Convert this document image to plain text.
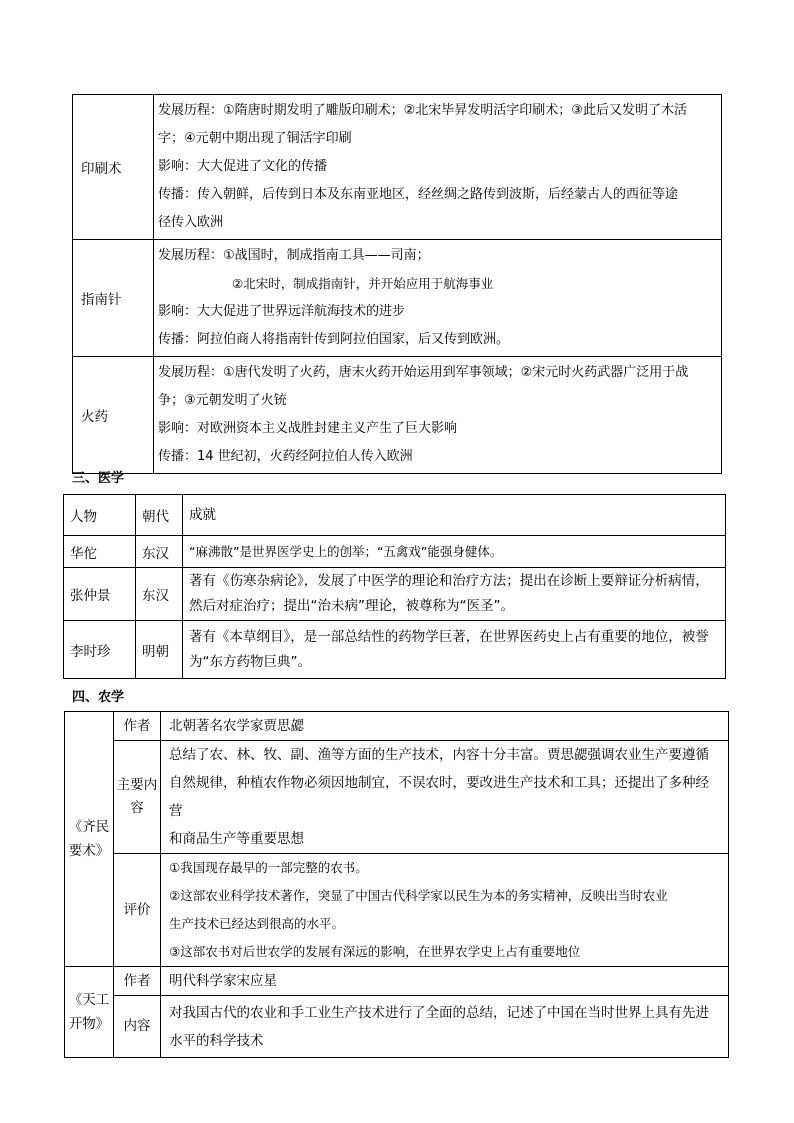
印刷术	发展历程：①隋唐时期发明了雕版印刷术；②北宋毕昇发明活字印刷术；③此后又发明了木活

字；④元朝中期出现了铜活字印刷

影响：大大促进了文化的传播

传播：传入朝鲜，后传到日本及东南亚地区，经丝绸之路传到波斯，后经蒙古人的西征等途

径传入欧洲

指南针	发展历程：①战国时，制成指南工具——司南；

②北宋时，制成指南针，并开始应用于航海事业

影响：大大促进了世界远洋航海技术的进步

传播：阿拉伯商人将指南针传到阿拉伯国家，后又传到欧洲。

火药	发展历程：①唐代发明了火药，唐末火药开始运用到军事领域；②宋元时火药武器广泛用于战

争；③元朝发明了火铳

影响：对欧洲资本主义战胜封建主义产生了巨大影响

传播：14 世纪初，火药经阿拉伯人传入欧洲

三、医学
人物	朝代	成就
华佗	东汉	“麻沸散”是世界医学史上的创举；“五禽戏”能强身健体。
张仲景	东汉	著有《伤寒杂病论》，发展了中医学的理论和治疗方法；提出在诊断上要辩证分析病情，然后对症治疗；提出“治未病”理论，被尊称为“医圣”。
李时珍	明朝	著有《本草纲目》，是一部总结性的药物学巨著，在世界医药史上占有重要的地位，被誉为“东方药物巨典”。
四、农学
《齐民要术》	作者	北朝著名农学家贾思勰

	主要内容	总结了农、林、牧、副、渔等方面的生产技术，内容十分丰富。贾思勰强调农业生产要遵循

自然规律，种植农作物必须因地制宜，不误农时，要改进生产技术和工具；还提出了多种经营

和商品生产等重要思想

	评价	①我国现存最早的一部完整的农书。

②这部农业科学技术著作，突显了中国古代科学家以民生为本的务实精神，反映出当时农业

生产技术已经达到很高的水平。

③这部农书对后世农学的发展有深远的影响，在世界农学史上占有重要地位

《天工开物》	作者	明代科学家宋应星

	内容	对我国古代的农业和手工业生产技术进行了全面的总结，记述了中国在当时世界上具有先进

水平的科学技术
